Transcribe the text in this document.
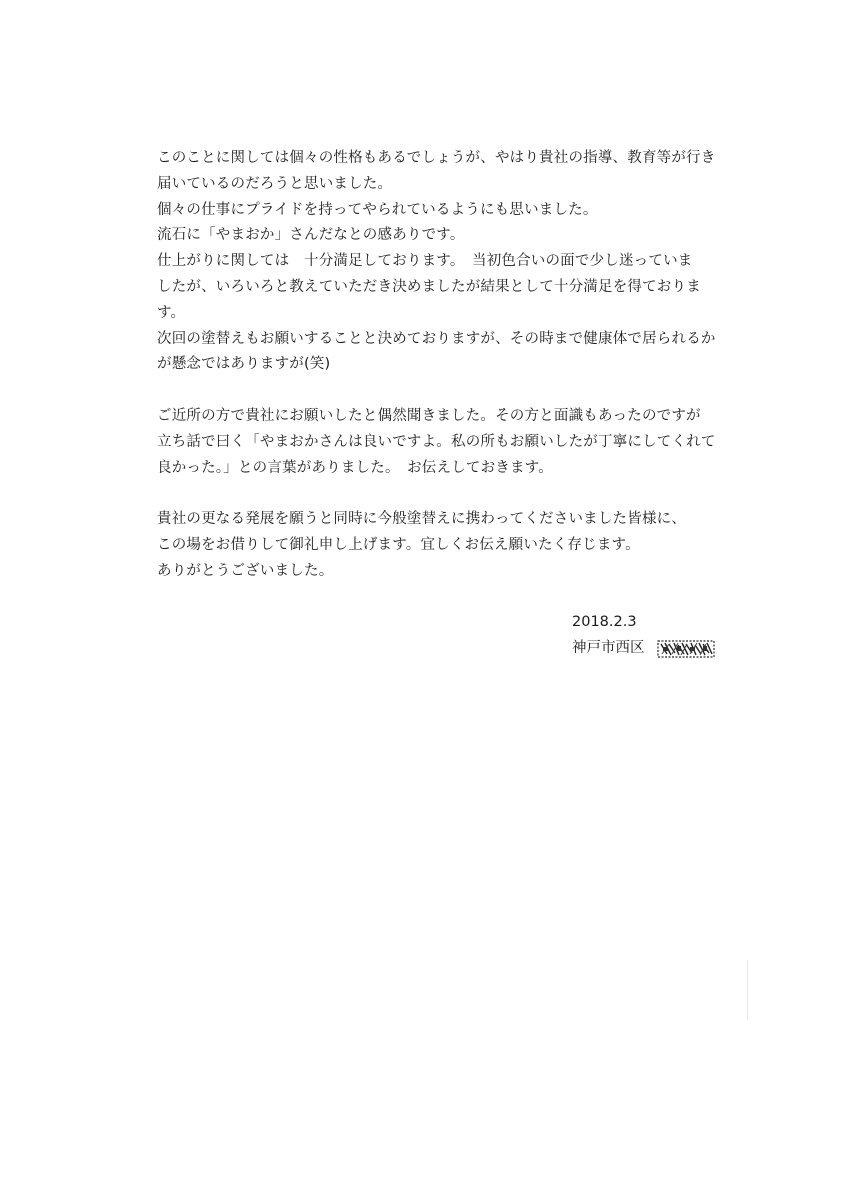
このことに関しては個々の性格もあるでしょうが、やはり貴社の指導、教育等が行き
届いているのだろうと思いました。
個々の仕事にプライドを持ってやられているようにも思いました。
流石に「やまおか」さんだなとの感ありです。
仕上がりに関しては　十分満足しております。　当初色合いの面で少し迷っていま
したが、いろいろと教えていただき決めましたが結果として十分満足を得ておりま
す。
次回の塗替えもお願いすることと決めておりますが、その時まで健康体で居られるか
が懸念ではありますが(笑)
ご近所の方で貴社にお願いしたと偶然聞きました。その方と面識もあったのですが
立ち話で曰く「やまおかさんは良いですよ。私の所もお願いしたが丁寧にしてくれて
良かった。」との言葉がありました。　お伝えしておきます。
貴社の更なる発展を願うと同時に今般塗替えに携わってくださいました皆様に、
この場をお借りして御礼申し上げます。宜しくお伝え願いたく存じます。
ありがとうございました。
2018.2.3
神戸市西区
